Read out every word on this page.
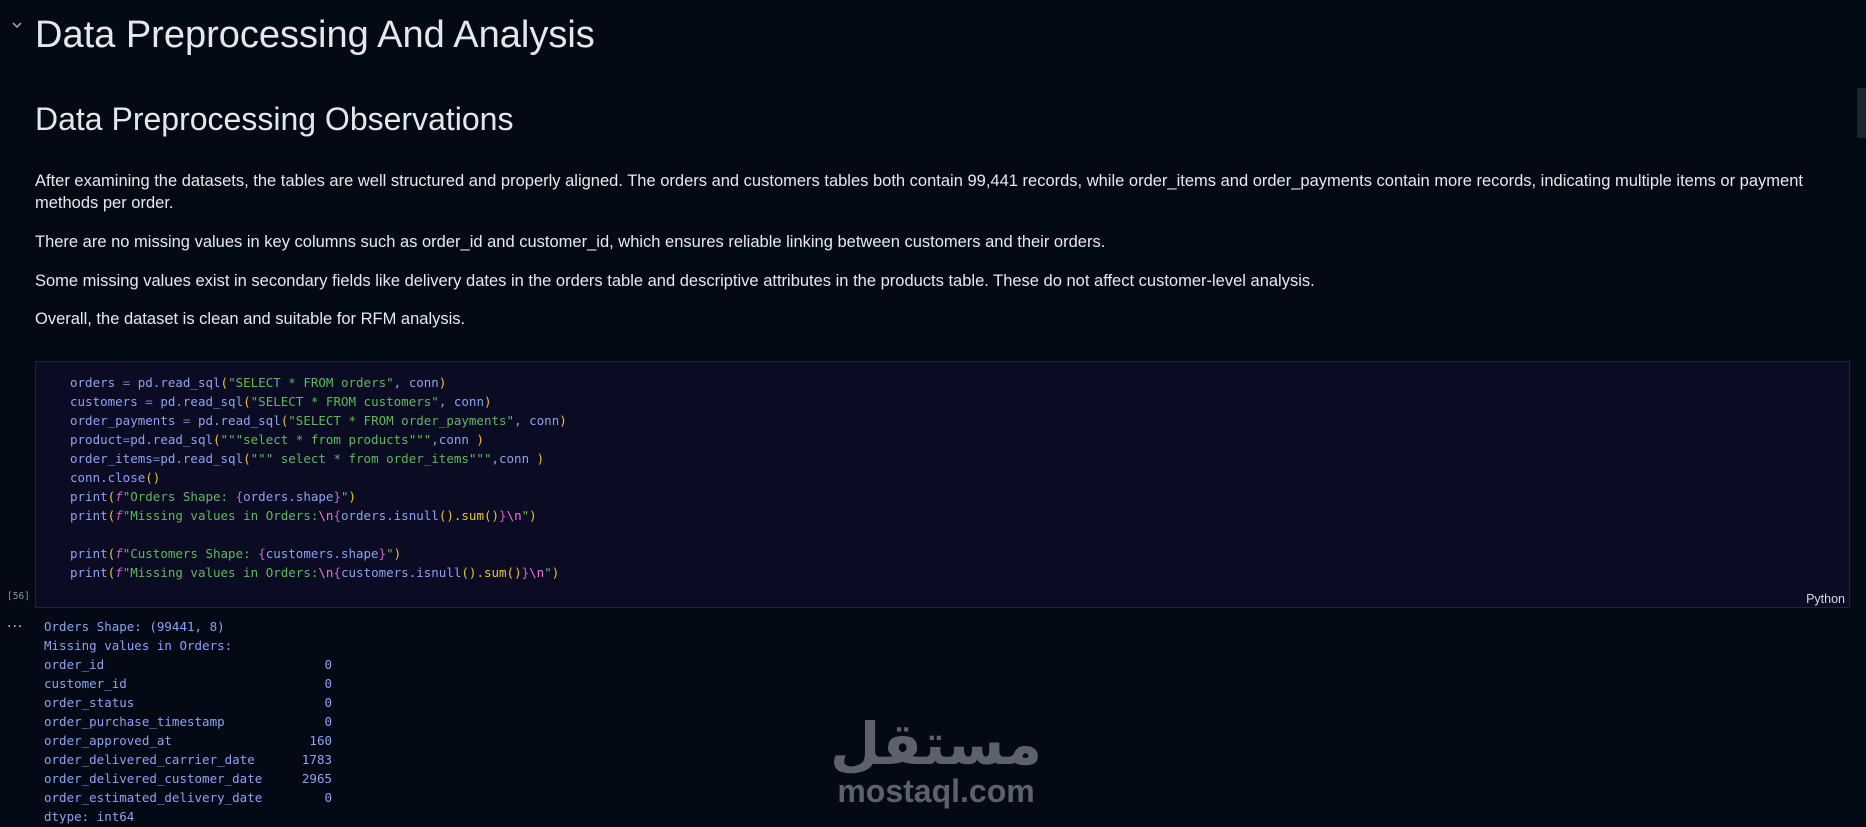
Data Preprocessing And Analysis
Data Preprocessing Observations
After examining the datasets, the tables are well structured and properly aligned. The orders and customers tables both contain 99,441 records, while order_items and order_payments contain more records, indicating multiple items or payment methods per order.
There are no missing values in key columns such as order_id and customer_id, which ensures reliable linking between customers and their orders.
Some missing values exist in secondary fields like delivery dates in the orders table and descriptive attributes in the products table. These do not affect customer-level analysis.
Overall, the dataset is clean and suitable for RFM analysis.
orders = pd.read_sql("SELECT * FROM orders", conn)
customers = pd.read_sql("SELECT * FROM customers", conn)
order_payments = pd.read_sql("SELECT * FROM order_payments", conn)
product=pd.read_sql("""select * from products""",conn )
order_items=pd.read_sql(""" select * from order_items""",conn )
conn.close()
print(f"Orders Shape: {orders.shape}")
print(f"Missing values in Orders:\n{orders.isnull().sum()}\n")
print(f"Customers Shape: {customers.shape}")
print(f"Missing values in Orders:\n{customers.isnull().sum()}\n")
Python
[56]
... Orders Shape: (99441, 8)
Missing values in Orders:
order_id	0
customer_id	0
order_status	0
order_purchase_timestamp	0
order_approved_at	160
order_delivered_carrier_date	1783
order_delivered_customer_date	2965
order_estimated_delivery_date	0
dtype: int64
مستقل
mostaql.com
